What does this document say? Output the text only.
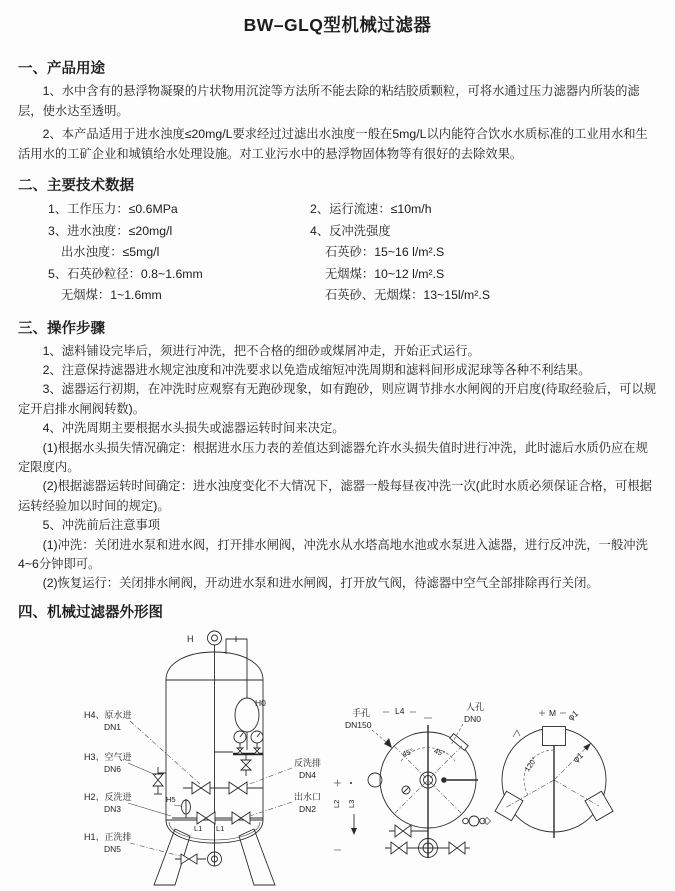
BW–GLQ型机械过滤器
一、产品用途

1、水中含有的悬浮物凝聚的片状物用沉淀等方法所不能去除的粘结胶质颗粒，可将水通过压力滤器内所装的滤层，使水达至透明。

2、本产品适用于进水浊度≤20mg/L要求经过过滤出水浊度一般在5mg/L以内能符合饮水水质标准的工业用水和生活用水的工矿企业和城镇给水处理设施。对工业污水中的悬浮物固体物等有很好的去除效果。

二、主要技术数据
1、工作压力：≤0.6MPa
3、进水浊度：≤20mg/l
出水浊度：≤5mg/l
5、石英砂粒径：0.8~1.6mm
无烟煤：1~1.6mm
2、运行流速：≤10m/h
4、反冲洗强度
石英砂：15~16 l/m².S
无烟煤：10~12 l/m².S
石英砂、无烟煤：13~15l/m².S
三、操作步骤

1、滤料铺设完毕后，须进行冲洗，把不合格的细砂或煤屑冲走，开始正式运行。

2、注意保持滤器进水规定浊度和冲洗要求以免造成缩短冲洗周期和滤料间形成泥球等各种不利结果。

3、滤器运行初期，在冲洗时应观察有无跑砂现象，如有跑砂，则应调节排水水闸阀的开启度(待取经验后，可以规定开启排水闸阀转数)。

4、冲洗周期主要根据水头损失或滤器运转时间来决定。

(1)根据水头损失情况确定：根据进水压力表的差值达到滤器允许水头损失值时进行冲洗，此时滤后水质仍应在规定限度内。

(2)根据滤器运转时间确定：进水浊度变化不大情况下，滤器一般每昼夜冲洗一次(此时水质必须保证合格，可根据运转经验加以时间的规定)。

5、冲洗前后注意事项

(1)冲洗：关闭进水泵和进水阀，打开排水闸阀，冲洗水从水塔高地水池或水泵进入滤器，进行反冲洗，一般冲洗4~6分钟即可。

(2)恢复运行：关闭排水闸阀，开动进水泵和进水闸阀，打开放气阀，待滤器中空气全部排除再行关闭。

四、机械过滤器外形图
H
H0
H4、原水进
DN1
H3、空气进
DN6
H2、反洗进
DN3
H1、正洗排
DN5
H5
反洗排
DN4
出水口
DN2
L1 L1
手孔
DN150
L4	人孔
DN0
45° 45°
L2 L3
M φ1
φ1
120°
